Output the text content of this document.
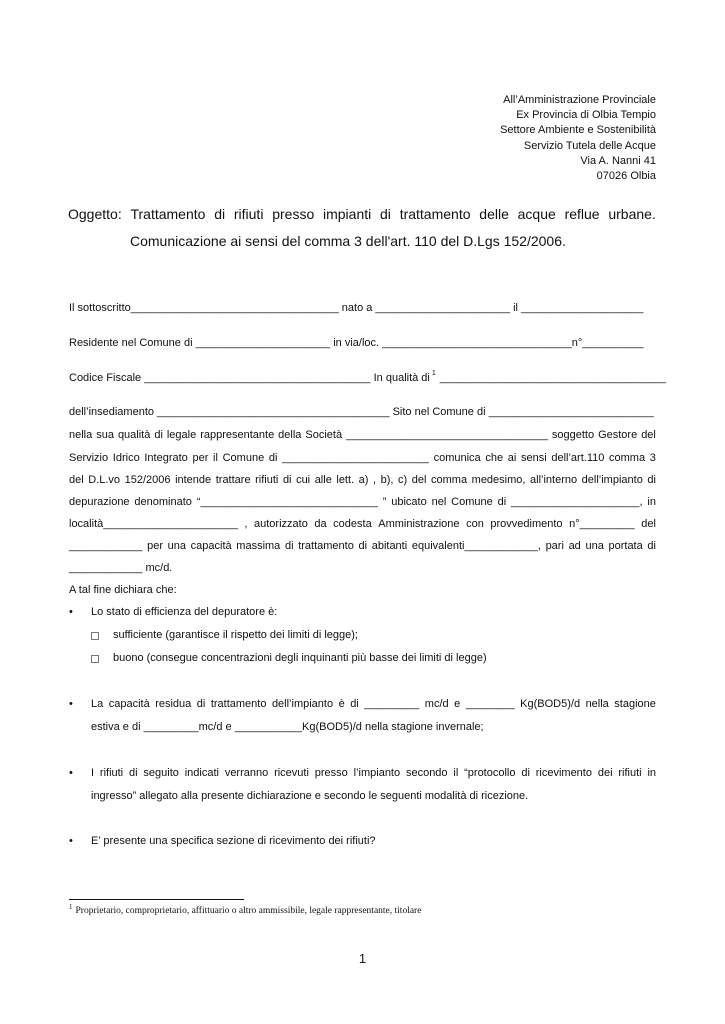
All’Amministrazione Provinciale
Ex Provincia di Olbia Tempio
Settore Ambiente e Sostenibilità
Servizio Tutela delle Acque
Via A. Nanni 41
07026 Olbia
Oggetto: Trattamento di rifiuti presso impianti di trattamento delle acque reflue urbane.
Comunicazione ai sensi del comma 3 dell'art. 110 del D.Lgs 152/2006.
Il sottoscritto__________________________________ nato a ______________________ il ____________________
Residente nel Comune di ______________________ in via/loc. _______________________________n°__________
Codice Fiscale _____________________________________ In qualità di $^1$ _____________________________________
dell’insediamento ______________________________________ Sito nel Comune di ___________________________
nella sua qualità di legale rappresentante della Società _________________________________ soggetto Gestore del
Servizio Idrico Integrato per il Comune di ________________________ comunica che ai sensi dell’art.110 comma 3
del D.L.vo 152/2006 intende trattare rifiuti di cui alle lett. a) , b), c) del comma medesimo, all’interno dell’impianto di
depurazione denominato “_____________________________ ” ubicato nel Comune di _____________________, in
località______________________ , autorizzato da codesta Amministrazione con provvedimento n°_________ del
____________ per una capacità massima di trattamento di abitanti equivalenti____________, pari ad una portata di
____________ mc/d.
A tal fine dichiara che:
• Lo stato di efficienza del depuratore è:
sufficiente (garantisce il rispetto dei limiti di legge);
buono (consegue concentrazioni degli inquinanti più basse dei limiti di legge)
• La capacità residua di trattamento dell’impianto è di _________ mc/d e ________ Kg(BOD5)/d nella stagione
estiva e di _________mc/d e ___________Kg(BOD5)/d nella stagione invernale;
• I rifiuti di seguito indicati verranno ricevuti presso l’impianto secondo il “protocollo di ricevimento dei rifiuti in
ingresso” allegato alla presente dichiarazione e secondo le seguenti modalità di ricezione.
• E’ presente una specifica sezione di ricevimento dei rifiuti?
$^1$ Proprietario, comproprietario, affittuario o altro ammissibile, legale rappresentante, titolare
1
